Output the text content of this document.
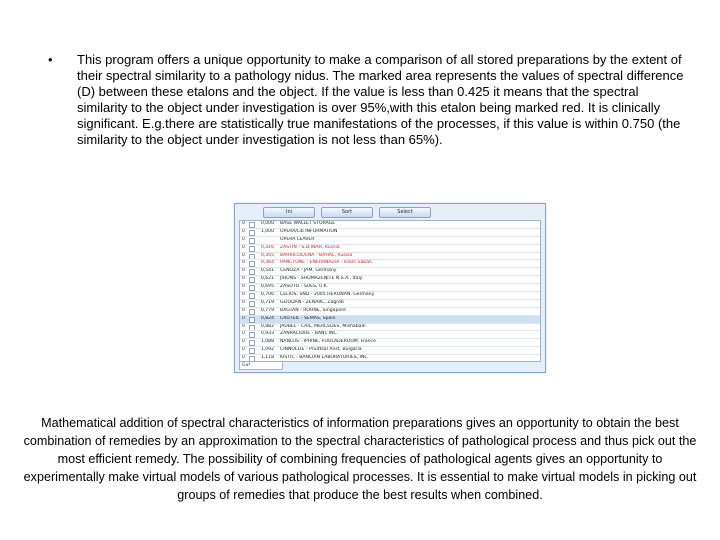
• This program offers a unique opportunity to make a comparison of all stored preparations by the extent of their spectral similarity to a pathology nidus. The marked area represents the values of spectral difference (D) between these etalons and the object. If the value is less than 0.425 it means that the spectral similarity to the object under investigation is over 95%,with this etalon being marked red. It is clinically significant. E.g.there are statistically true manifestations of the processes, if this value is within 0.750 (the similarity to the object under investigation is not less than 65%).

Ini	Sort	Select
0	0,000 BASE WALLET STORAGE
0	1,000 OPERA/Lib INFORMATION
0	OPERA LEAVER
0	0,316 ZASTIN - S.D.INAR, Russia
0	0,355 BARRICOL/ENA - BAHAL, Russia
0	0,364 PANCTONE - ENERANAZIA - Islam Sabah
0	0,541 CENOZA - JAM, Germany
0	0,621 JIHONS - SHOMAZENITE N.S.A., Italy
0	0,695 ZASOTO - SUES, U.K.
0	0,706 CELIOS, SND - 2005 HERONAN, Germany
0	0,719 GLIODAN - ZENARC, Zagreb
0	0,779 BAGTAN - ROUNE, Singapore
0	0,824 CRUTEIL - SEMAS, Spain
0	0,882 JAUBEL - CAIL, MERCEDES, Mishabadi
0	0,933 ZANRACIDUE - BANI, INC
0	1,088 NANLOS - IPHINE, FOULADEROUM, France
0	1,092 CINNOLLIE - Pruittsal Anst, Bulgaria
0	1,118 KISTIC - BANCIAN LABORATORIES, INC
Gaf

Mathematical addition of spectral characteristics of information preparations gives an opportunity to obtain the best combination of remedies by an approximation to the spectral characteristics of pathological process and thus pick out the most efficient remedy. The possibility of combining frequencies of pathological agents gives an opportunity to experimentally make virtual models of various pathological processes. It is essential to make virtual models in picking out groups of remedies that produce the best results when combined.
